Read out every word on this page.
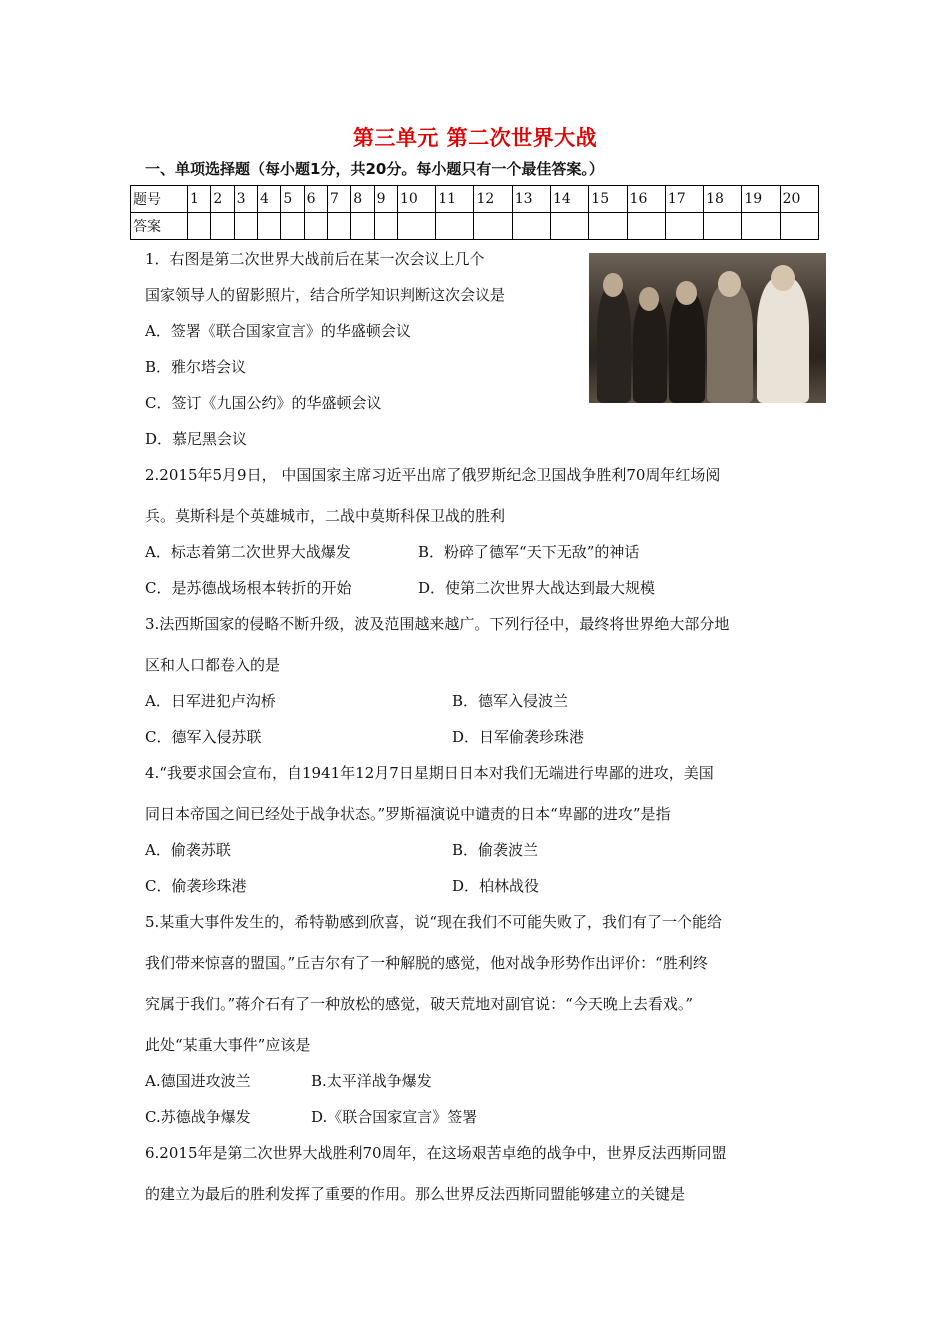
第三单元 第二次世界大战
一、单项选择题（每小题1分，共20分。每小题只有一个最佳答案。）
题号	1	2	3	4	5	6	7	8	9	10	11	12	13	14	15	16	17	18	19	20
答案																				
1．右图是第二次世界大战前后在某一次会议上几个
国家领导人的留影照片，结合所学知识判断这次会议是
A．签署《联合国家宣言》的华盛顿会议
B．雅尔塔会议
C．签订《九国公约》的华盛顿会议
D．慕尼黑会议
2.2015年5月9日， 中国国家主席习近平出席了俄罗斯纪念卫国战争胜利70周年红场阅
兵。莫斯科是个英雄城市，二战中莫斯科保卫战的胜利
A．标志着第二次世界大战爆发	B．粉碎了德军“天下无敌”的神话
C．是苏德战场根本转折的开始	D．使第二次世界大战达到最大规模
3.法西斯国家的侵略不断升级，波及范围越来越广。下列行径中，最终将世界绝大部分地
区和人口都卷入的是
A．日军进犯卢沟桥	B．德军入侵波兰
C．德军入侵苏联	D．日军偷袭珍珠港
4.“我要求国会宣布，自1941年12月7日星期日日本对我们无端进行卑鄙的进攻，美国
同日本帝国之间已经处于战争状态。”罗斯福演说中谴责的日本“卑鄙的进攻”是指
A．偷袭苏联	B．偷袭波兰
C．偷袭珍珠港	D．柏林战役
5.某重大事件发生的，希特勒感到欣喜，说“现在我们不可能失败了，我们有了一个能给
我们带来惊喜的盟国。”丘吉尔有了一种解脱的感觉，他对战争形势作出评价：“胜利终
究属于我们。”蒋介石有了一种放松的感觉，破天荒地对副官说：“今天晚上去看戏。”
此处“某重大事件”应该是
A.德国进攻波兰	B.太平洋战争爆发
C.苏德战争爆发	D.《联合国家宣言》签署
6.2015年是第二次世界大战胜利70周年，在这场艰苦卓绝的战争中，世界反法西斯同盟
的建立为最后的胜利发挥了重要的作用。那么世界反法西斯同盟能够建立的关键是
